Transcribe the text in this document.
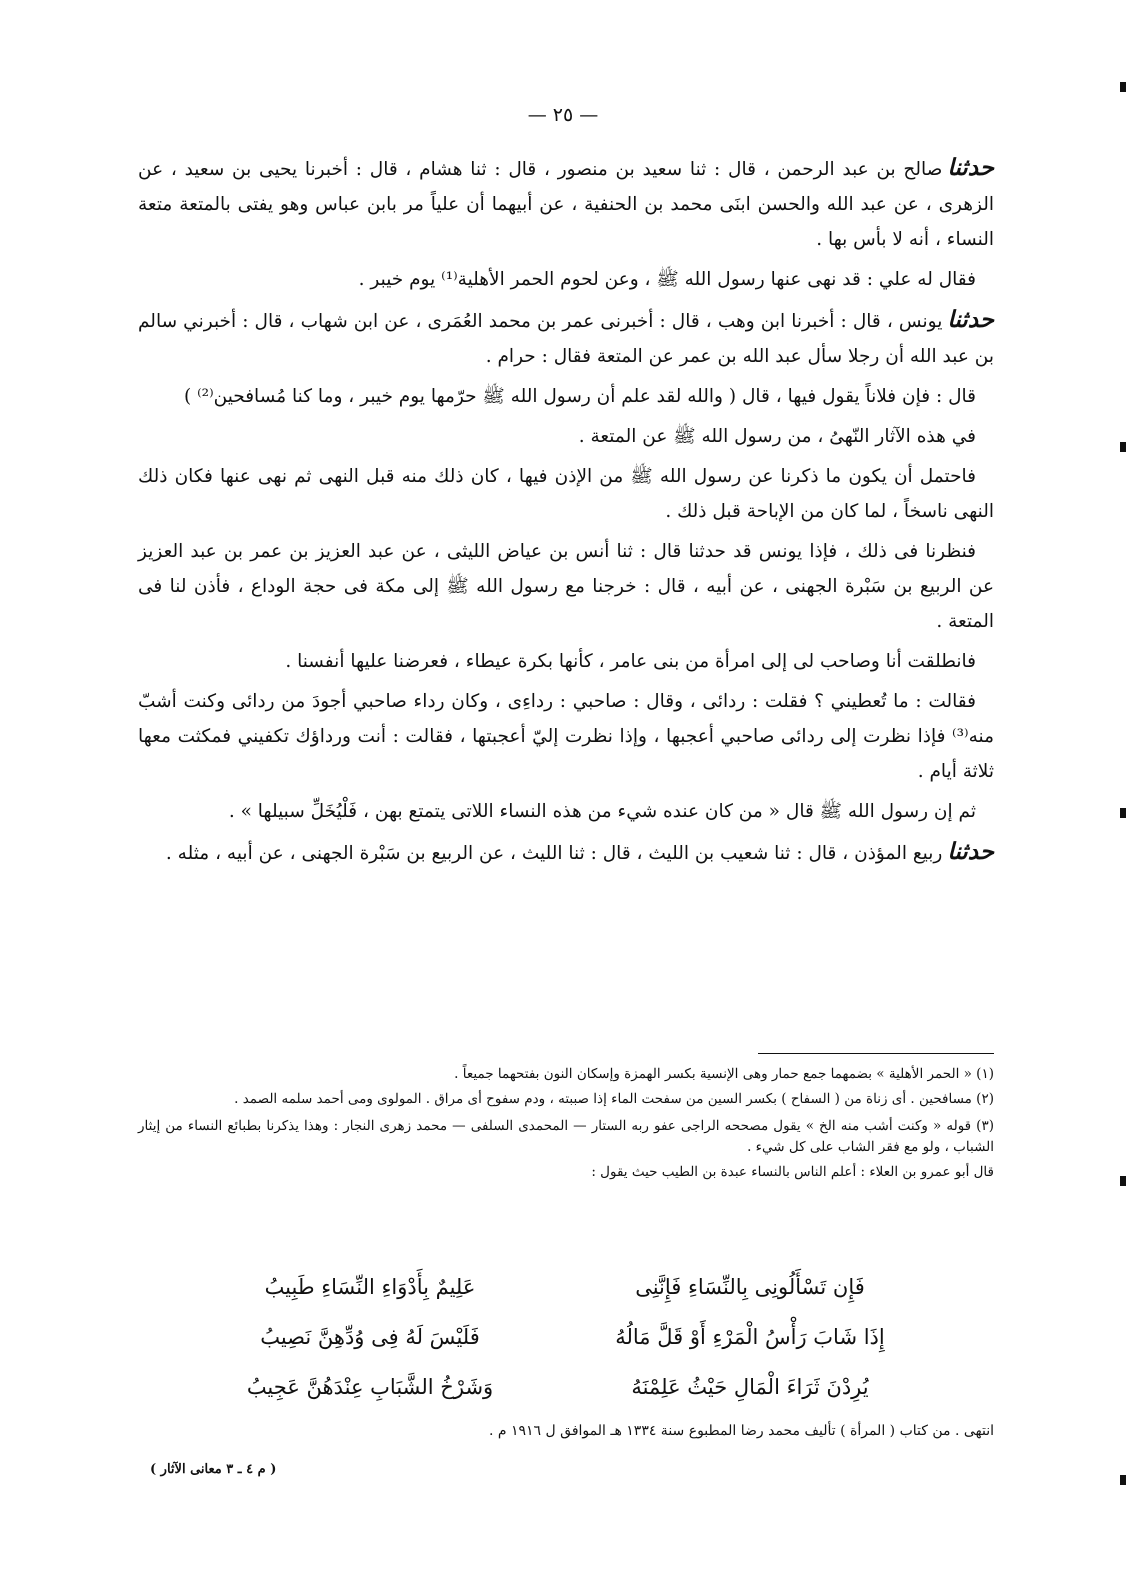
— ٢٥ —

حدثناصالح بن عبد الرحمن ، قال : ثنا سعيد بن منصور ، قال : ثنا هشام ، قال : أخبرنا يحيى بن سعيد ، عن الزهرى ، عن عبد الله والحسن ابنَى محمد بن الحنفية ، عن أبيهما أن علياً مر بابن عباس وهو يفتى بالمتعة متعة النساء ، أنه لا بأس بها .

فقال له علي : قد نهى عنها رسول الله ﷺ ، وعن لحوم الحمر الأهلية⁽¹⁾ يوم خيبر .

حدثنايونس ، قال : أخبرنا ابن وهب ، قال : أخبرنى عمر بن محمد العُمَرى ، عن ابن شهاب ، قال : أخبرني سالم بن عبد الله أن رجلا سأل عبد الله بن عمر عن المتعة فقال : حرام .

قال : فإن فلاناً يقول فيها ، قال ( والله لقد علم أن رسول الله ﷺ حرّمها يوم خيبر ، وما كنا مُسافحين⁽²⁾ )

في هذه الآثار النّهىُ ، من رسول الله ﷺ عن المتعة .

فاحتمل أن يكون ما ذكرنا عن رسول الله ﷺ من الإذن فيها ، كان ذلك منه قبل النهى ثم نهى عنها فكان ذلك النهى ناسخاً ، لما كان من الإباحة قبل ذلك .

فنظرنا فى ذلك ، فإذا يونس قد حدثنا قال : ثنا أنس بن عياض الليثى ، عن عبد العزيز بن عمر بن عبد العزيز عن الربيع بن سَبْرة الجهنى ، عن أبيه ، قال : خرجنا مع رسول الله ﷺ إلى مكة فى حجة الوداع ، فأذن لنا فى المتعة .

فانطلقت أنا وصاحب لى إلى امرأة من بنى عامر ، كأنها بكرة عيطاء ، فعرضنا عليها أنفسنا .

فقالت : ما تُعطيني ؟ فقلت : ردائى ، وقال : صاحبي : رداءِى ، وكان رداء صاحبي أجودَ من ردائى وكنت أشبّ منه⁽³⁾ فإذا نظرت إلى ردائى صاحبي أعجبها ، وإذا نظرت إليّ أعجبتها ، فقالت : أنت ورداؤك تكفيني فمكثت معها ثلاثة أيام .

ثم إن رسول الله ﷺ قال « من كان عنده شيء من هذه النساء اللاتى يتمتع بهن ، فَلْيُخَلِّ سبيلها » .

حدثناربيع المؤذن ، قال : ثنا شعيب بن الليث ، قال : ثنا الليث ، عن الربيع بن سَبْرة الجهنى ، عن أبيه ، مثله .

(١) « الحمر الأهلية » بضمهما جمع حمار وهى الإنسية بكسر الهمزة وإسكان النون بفتحهما جميعاً .

(٢) مسافحين . أى زناة من ( السفاح ) بكسر السين من سفحت الماء إذا صببته ، ودم سفوح أى مراق . المولوى ومى أحمد سلمه الصمد .

(٣) قوله « وكنت أشب منه الخ » يقول مصححه الراجى عفو ربه الستار — المحمدى السلفى — محمد زهرى النجار : وهذا يذكرنا بطبائع النساء من إيثار الشباب ، ولو مع فقر الشاب على كل شيء .

قال أبو عمرو بن العلاء : أعلم الناس بالنساء عبدة بن الطيب حيث يقول :

فَإِن تَسْأَلُونِى بِالنِّسَاءِ فَإِنَّنِى
عَلِيمٌ بِأَدْوَاءِ النِّسَاءِ طَبِيبُ
إِذَا شَابَ رَأْسُ الْمَرْءِ أَوْ قَلَّ مَالُهُ
فَلَيْسَ لَهُ فِى وُدِّهِنَّ نَصِيبُ
يُرِدْنَ ثَرَاءَ الْمَالِ حَيْثُ عَلِمْنَهُ
وَشَرْخُ الشَّبَابِ عِنْدَهُنَّ عَجِيبُ
انتهى . من كتاب ( المرأة ) تأليف محمد رضا المطبوع سنة ١٣٣٤ هـ الموافق ل ١٩١٦ م .
( م ٤ ـ ٣ معانى الآثار )
